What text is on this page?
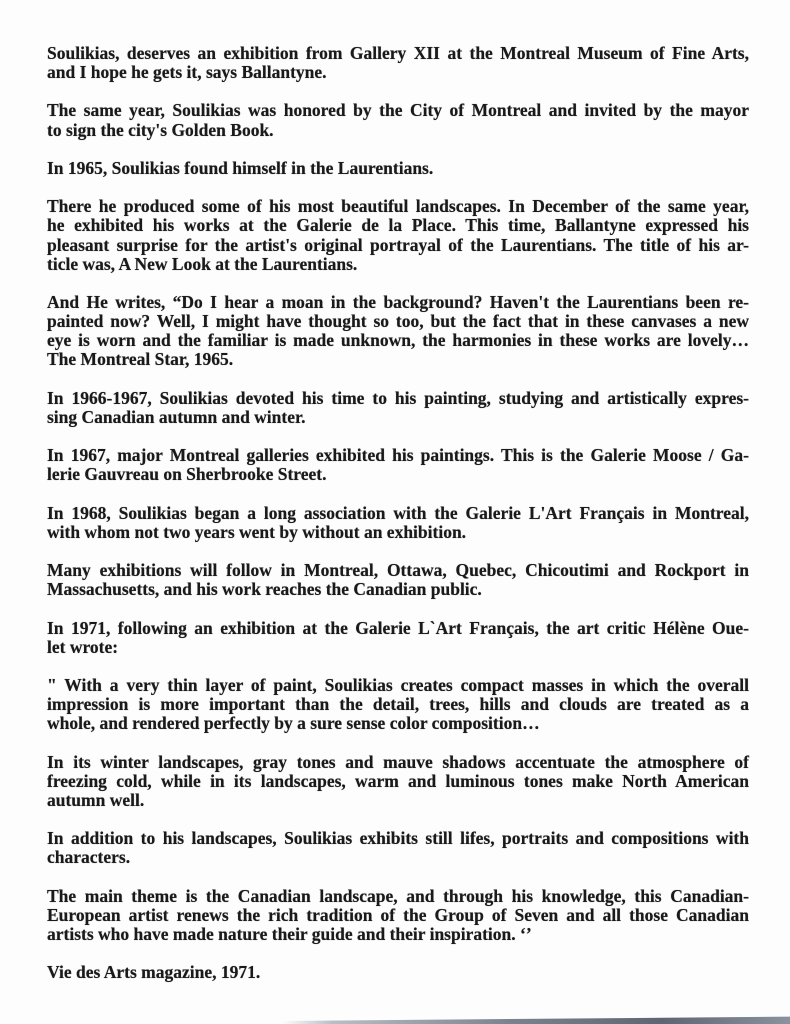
Soulikias, deserves an exhibition from Gallery XII at the Montreal Museum of Fine Arts,
and I hope he gets it, says Ballantyne.

The same year, Soulikias was honored by the City of Montreal and invited by the mayor
to sign the city's Golden Book.

In 1965, Soulikias found himself in the Laurentians.

There he produced some of his most beautiful landscapes. In December of the same year,
he exhibited his works at the Galerie de la Place. This time, Ballantyne expressed his
pleasant surprise for the artist's original portrayal of the Laurentians. The title of his ar-
ticle was, A New Look at the Laurentians.

And He writes, “Do I hear a moan in the background? Haven't the Laurentians been re-
painted now? Well, I might have thought so too, but the fact that in these canvases a new
eye is worn and the familiar is made unknown, the harmonies in these works are lovely…
The Montreal Star, 1965.

In 1966-1967, Soulikias devoted his time to his painting, studying and artistically expres-
sing Canadian autumn and winter.

In 1967, major Montreal galleries exhibited his paintings. This is the Galerie Moose / Ga-
lerie Gauvreau on Sherbrooke Street.

In 1968, Soulikias began a long association with the Galerie L'Art Français in Montreal,
with whom not two years went by without an exhibition.

Many exhibitions will follow in Montreal, Ottawa, Quebec, Chicoutimi and Rockport in
Massachusetts, and his work reaches the Canadian public.

In 1971, following an exhibition at the Galerie L`Art Français, the art critic Hélène Oue-
let wrote:

" With a very thin layer of paint, Soulikias creates compact masses in which the overall
impression is more important than the detail, trees, hills and clouds are treated as a
whole, and rendered perfectly by a sure sense color composition…

In its winter landscapes, gray tones and mauve shadows accentuate the atmosphere of
freezing cold, while in its landscapes, warm and luminous tones make North American
autumn well.

In addition to his landscapes, Soulikias exhibits still lifes, portraits and compositions with
characters.

The main theme is the Canadian landscape, and through his knowledge, this Canadian-
European artist renews the rich tradition of the Group of Seven and all those Canadian
artists who have made nature their guide and their inspiration. ‘’

Vie des Arts magazine, 1971.
